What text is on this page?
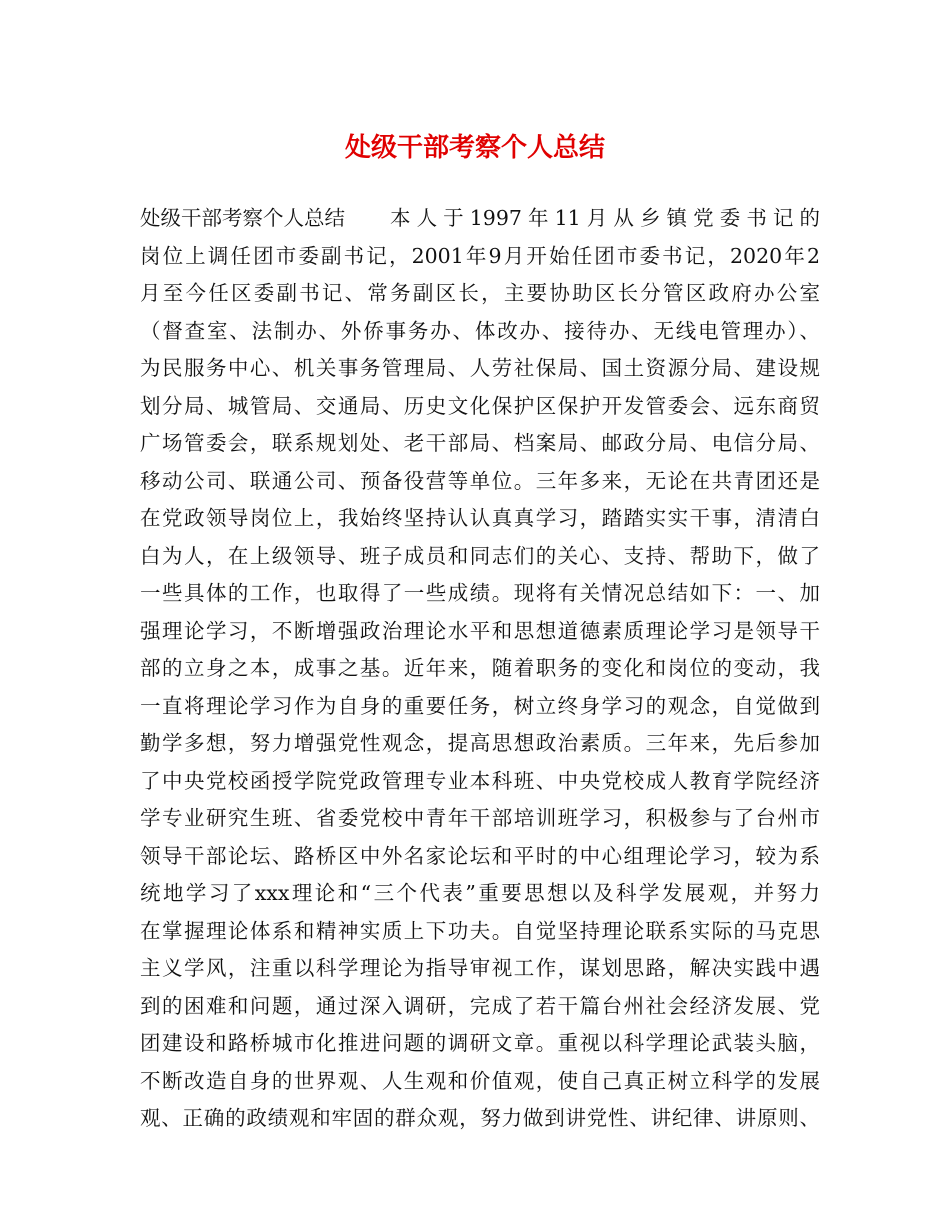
处级干部考察个人总结
处级干部考察个人总结	本人于1997年11月从乡镇党委书记的
岗位上调任团市委副书记，2001年9月开始任团市委书记，2020年2
月至今任区委副书记、常务副区长，主要协助区长分管区政府办公室
（督查室、法制办、外侨事务办、体改办、接待办、无线电管理办）、
为民服务中心、机关事务管理局、人劳社保局、国土资源分局、建设规
划分局、城管局、交通局、历史文化保护区保护开发管委会、远东商贸
广场管委会，联系规划处、老干部局、档案局、邮政分局、电信分局、
移动公司、联通公司、预备役营等单位。三年多来，无论在共青团还是
在党政领导岗位上，我始终坚持认认真真学习，踏踏实实干事，清清白
白为人，在上级领导、班子成员和同志们的关心、支持、帮助下，做了
一些具体的工作，也取得了一些成绩。现将有关情况总结如下：一、加
强理论学习，不断增强政治理论水平和思想道德素质理论学习是领导干
部的立身之本，成事之基。近年来，随着职务的变化和岗位的变动，我
一直将理论学习作为自身的重要任务，树立终身学习的观念，自觉做到
勤学多想，努力增强党性观念，提高思想政治素质。三年来，先后参加
了中央党校函授学院党政管理专业本科班、中央党校成人教育学院经济
学专业研究生班、省委党校中青年干部培训班学习，积极参与了台州市
领导干部论坛、路桥区中外名家论坛和平时的中心组理论学习，较为系
统地学习了xxx理论和“三个代表”重要思想以及科学发展观，并努力
在掌握理论体系和精神实质上下功夫。自觉坚持理论联系实际的马克思
主义学风，注重以科学理论为指导审视工作，谋划思路，解决实践中遇
到的困难和问题，通过深入调研，完成了若干篇台州社会经济发展、党
团建设和路桥城市化推进问题的调研文章。重视以科学理论武装头脑，
不断改造自身的世界观、人生观和价值观，使自己真正树立科学的发展
观、正确的政绩观和牢固的群众观，努力做到讲党性、讲纪律、讲原则、
